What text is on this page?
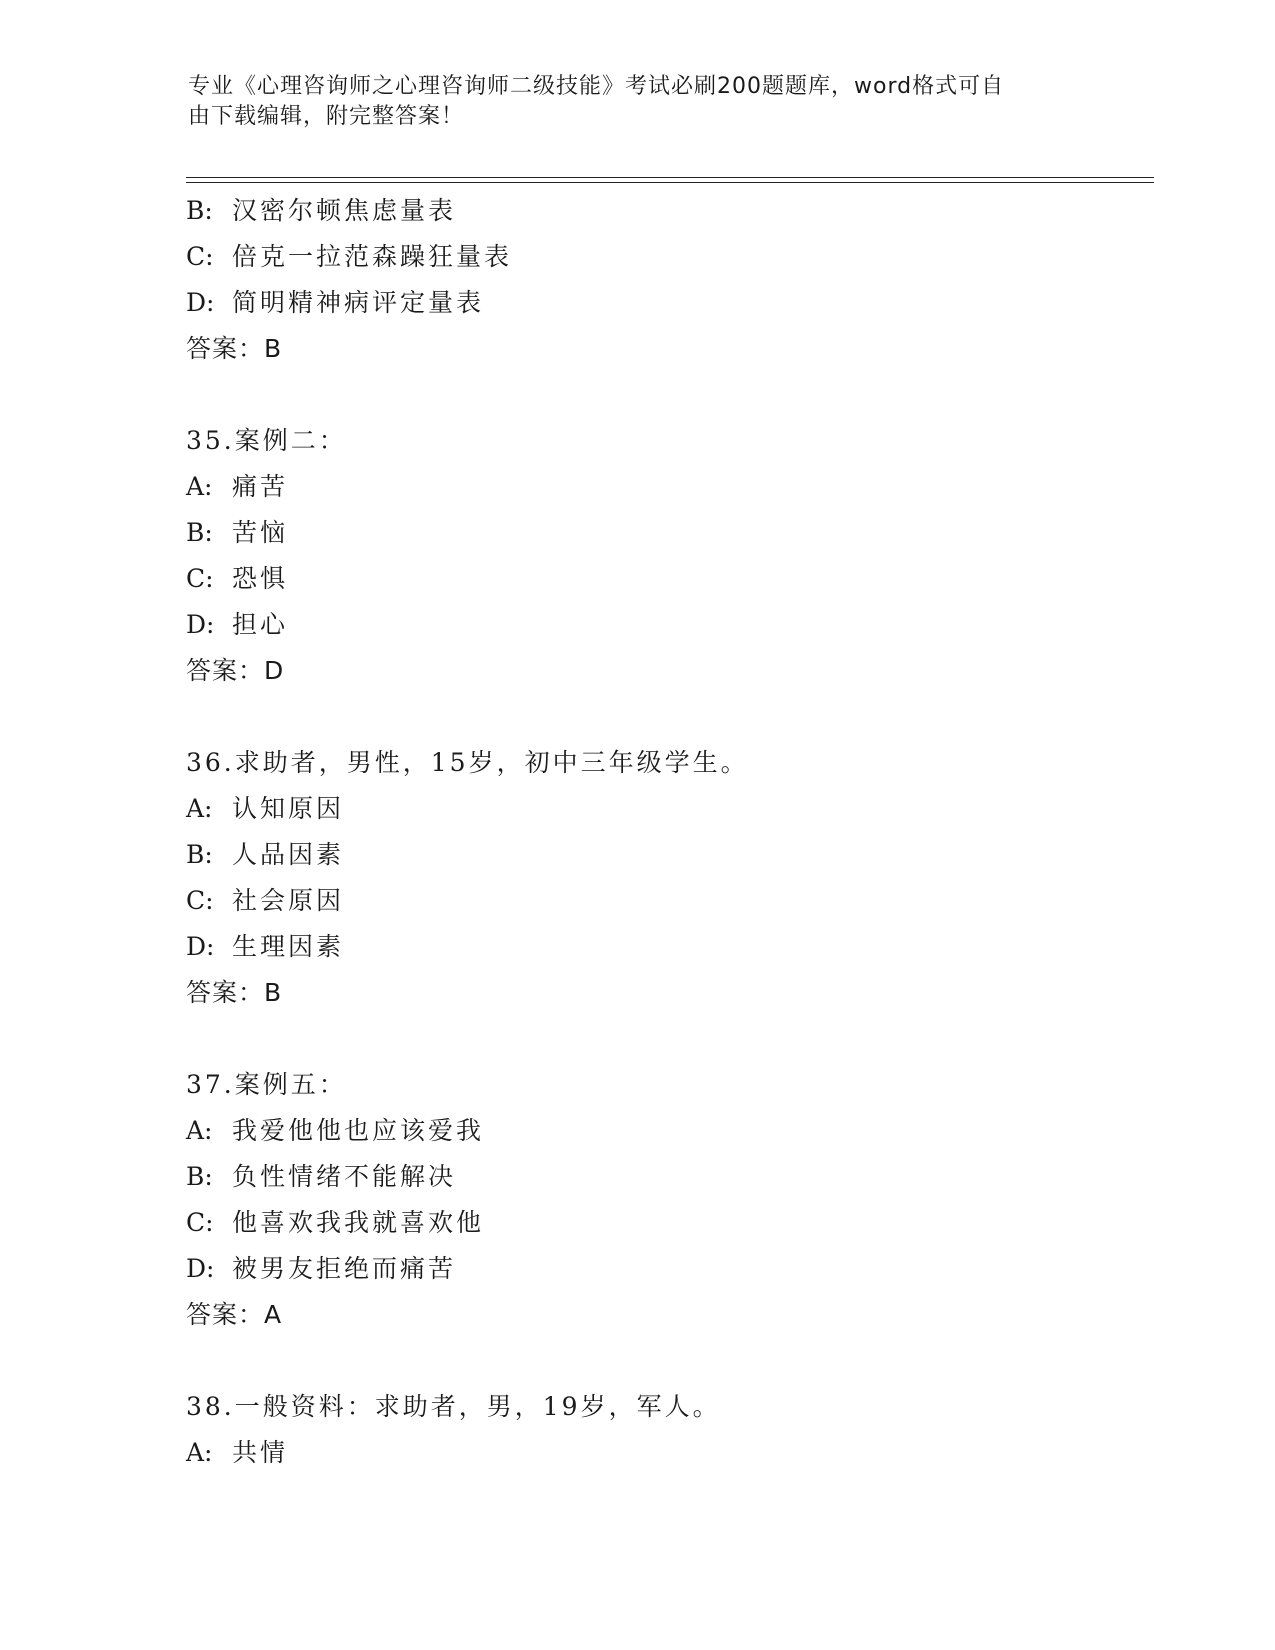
专业《心理咨询师之心理咨询师二级技能》考试必刷200题题库，word格式可自
由下载编辑，附完整答案！
B: 汉密尔顿焦虑量表
C: 倍克一拉范森躁狂量表
D: 简明精神病评定量表
答案：B
35.案例二：
A: 痛苦
B: 苦恼
C: 恐惧
D: 担心
答案：D
36.求助者，男性，15岁，初中三年级学生。
A: 认知原因
B: 人品因素
C: 社会原因
D: 生理因素
答案：B
37.案例五：
A: 我爱他他也应该爱我
B: 负性情绪不能解决
C: 他喜欢我我就喜欢他
D: 被男友拒绝而痛苦
答案：A
38.一般资料：求助者，男，19岁，军人。
A: 共情
